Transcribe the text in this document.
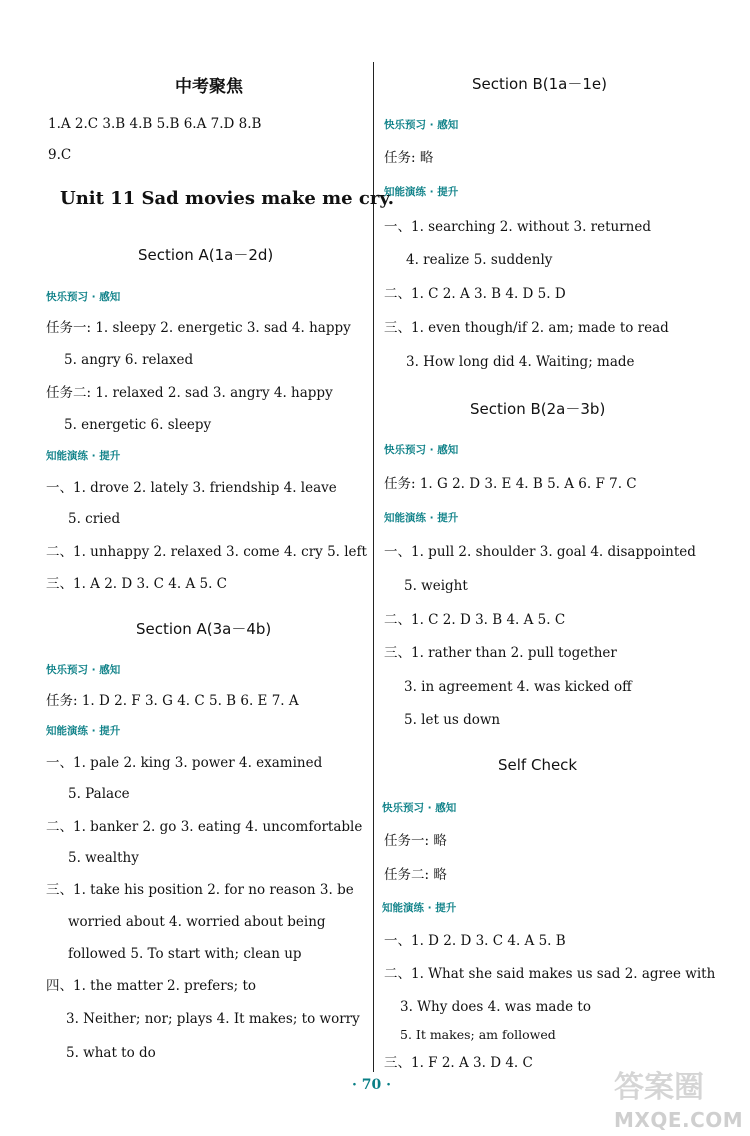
中考聚焦
1.A 2.C 3.B 4.B 5.B 6.A 7.D 8.B
9.C
Unit 11 Sad movies make me cry.
Section A(1a－2d)
快乐预习 · 感知
任务一: 1. sleepy 2. energetic 3. sad 4. happy
5. angry 6. relaxed
任务二: 1. relaxed 2. sad 3. angry 4. happy
5. energetic 6. sleepy
知能演练 · 提升
一、1. drove 2. lately 3. friendship 4. leave
5. cried
二、1. unhappy 2. relaxed 3. come 4. cry 5. left
三、1. A 2. D 3. C 4. A 5. C
Section A(3a－4b)
快乐预习 · 感知
任务: 1. D 2. F 3. G 4. C 5. B 6. E 7. A
知能演练 · 提升
一、1. pale 2. king 3. power 4. examined
5. Palace
二、1. banker 2. go 3. eating 4. uncomfortable
5. wealthy
三、1. take his position 2. for no reason 3. be
worried about 4. worried about being
followed 5. To start with; clean up
四、1. the matter 2. prefers; to
3. Neither; nor; plays 4. It makes; to worry
5. what to do
Section B(1a－1e)
快乐预习 · 感知
任务: 略
知能演练 · 提升
一、1. searching 2. without 3. returned
4. realize 5. suddenly
二、1. C 2. A 3. B 4. D 5. D
三、1. even though/if 2. am; made to read
3. How long did 4. Waiting; made
Section B(2a－3b)
快乐预习 · 感知
任务: 1. G 2. D 3. E 4. B 5. A 6. F 7. C
知能演练 · 提升
一、1. pull 2. shoulder 3. goal 4. disappointed
5. weight
二、1. C 2. D 3. B 4. A 5. C
三、1. rather than 2. pull together
3. in agreement 4. was kicked off
5. let us down
Self Check
快乐预习 · 感知
任务一: 略
任务二: 略
知能演练 · 提升
一、1. D 2. D 3. C 4. A 5. B
二、1. What she said makes us sad 2. agree with
3. Why does 4. was made to
5. It makes; am followed
三、1. F 2. A 3. D 4. C
· 70 ·	答案圈
MXQE.COM
